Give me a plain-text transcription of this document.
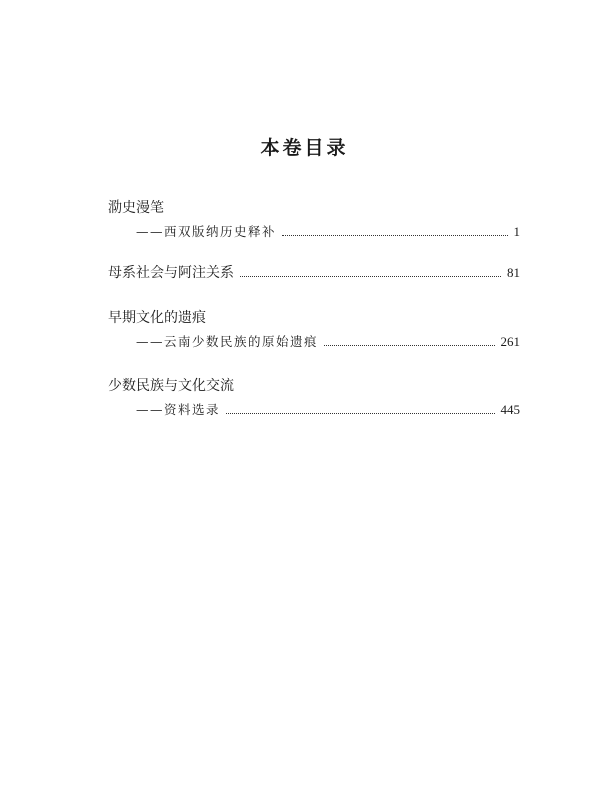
本卷目录
泐史漫笔
——西双版纳历史释补	1
母系社会与阿注关系	81
早期文化的遗痕
——云南少数民族的原始遗痕	261
少数民族与文化交流
——资料选录	445
